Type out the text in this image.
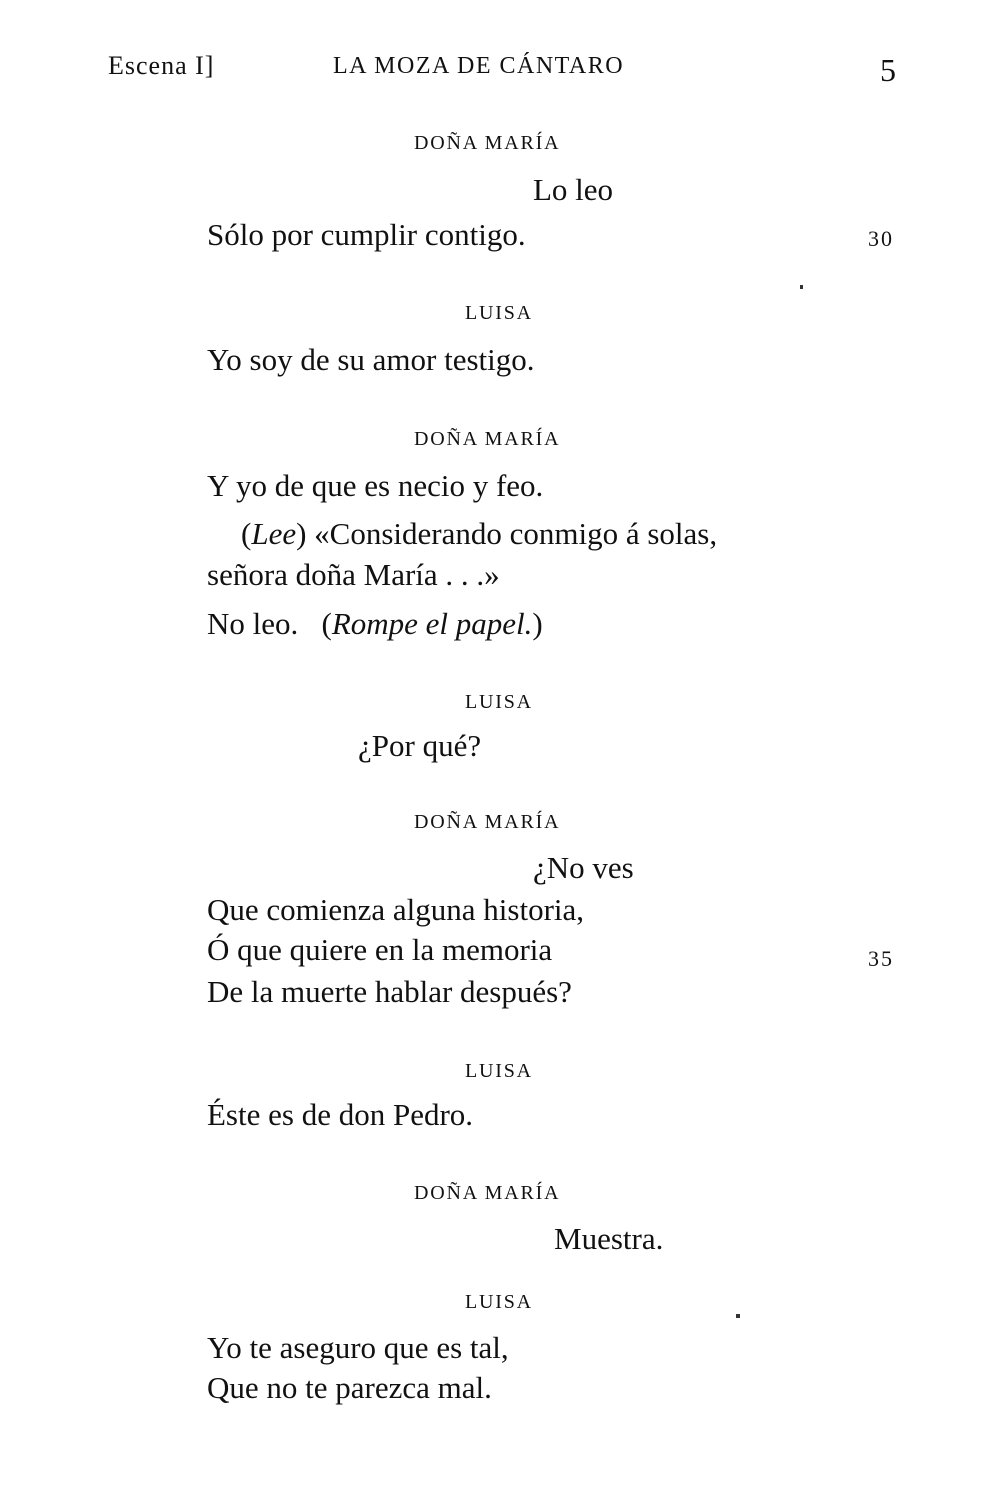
Escena I]	LA MOZA DE CÁNTARO	5
DOÑA MARÍA
Lo leo
Sólo por cumplir contigo.	30
LUISA
Yo soy de su amor testigo.
DOÑA MARÍA
Y yo de que es necio y feo.
(Lee) «Considerando conmigo á solas,
señora doña María . . .»
No leo.   (Rompe el papel.)
LUISA
¿Por qué?
DOÑA MARÍA
¿No ves
Que comienza alguna historia,
Ó que quiere en la memoria	35
De la muerte hablar después?
LUISA
Éste es de don Pedro.
DOÑA MARÍA
Muestra.
LUISA
Yo te aseguro que es tal,
Que no te parezca mal.
